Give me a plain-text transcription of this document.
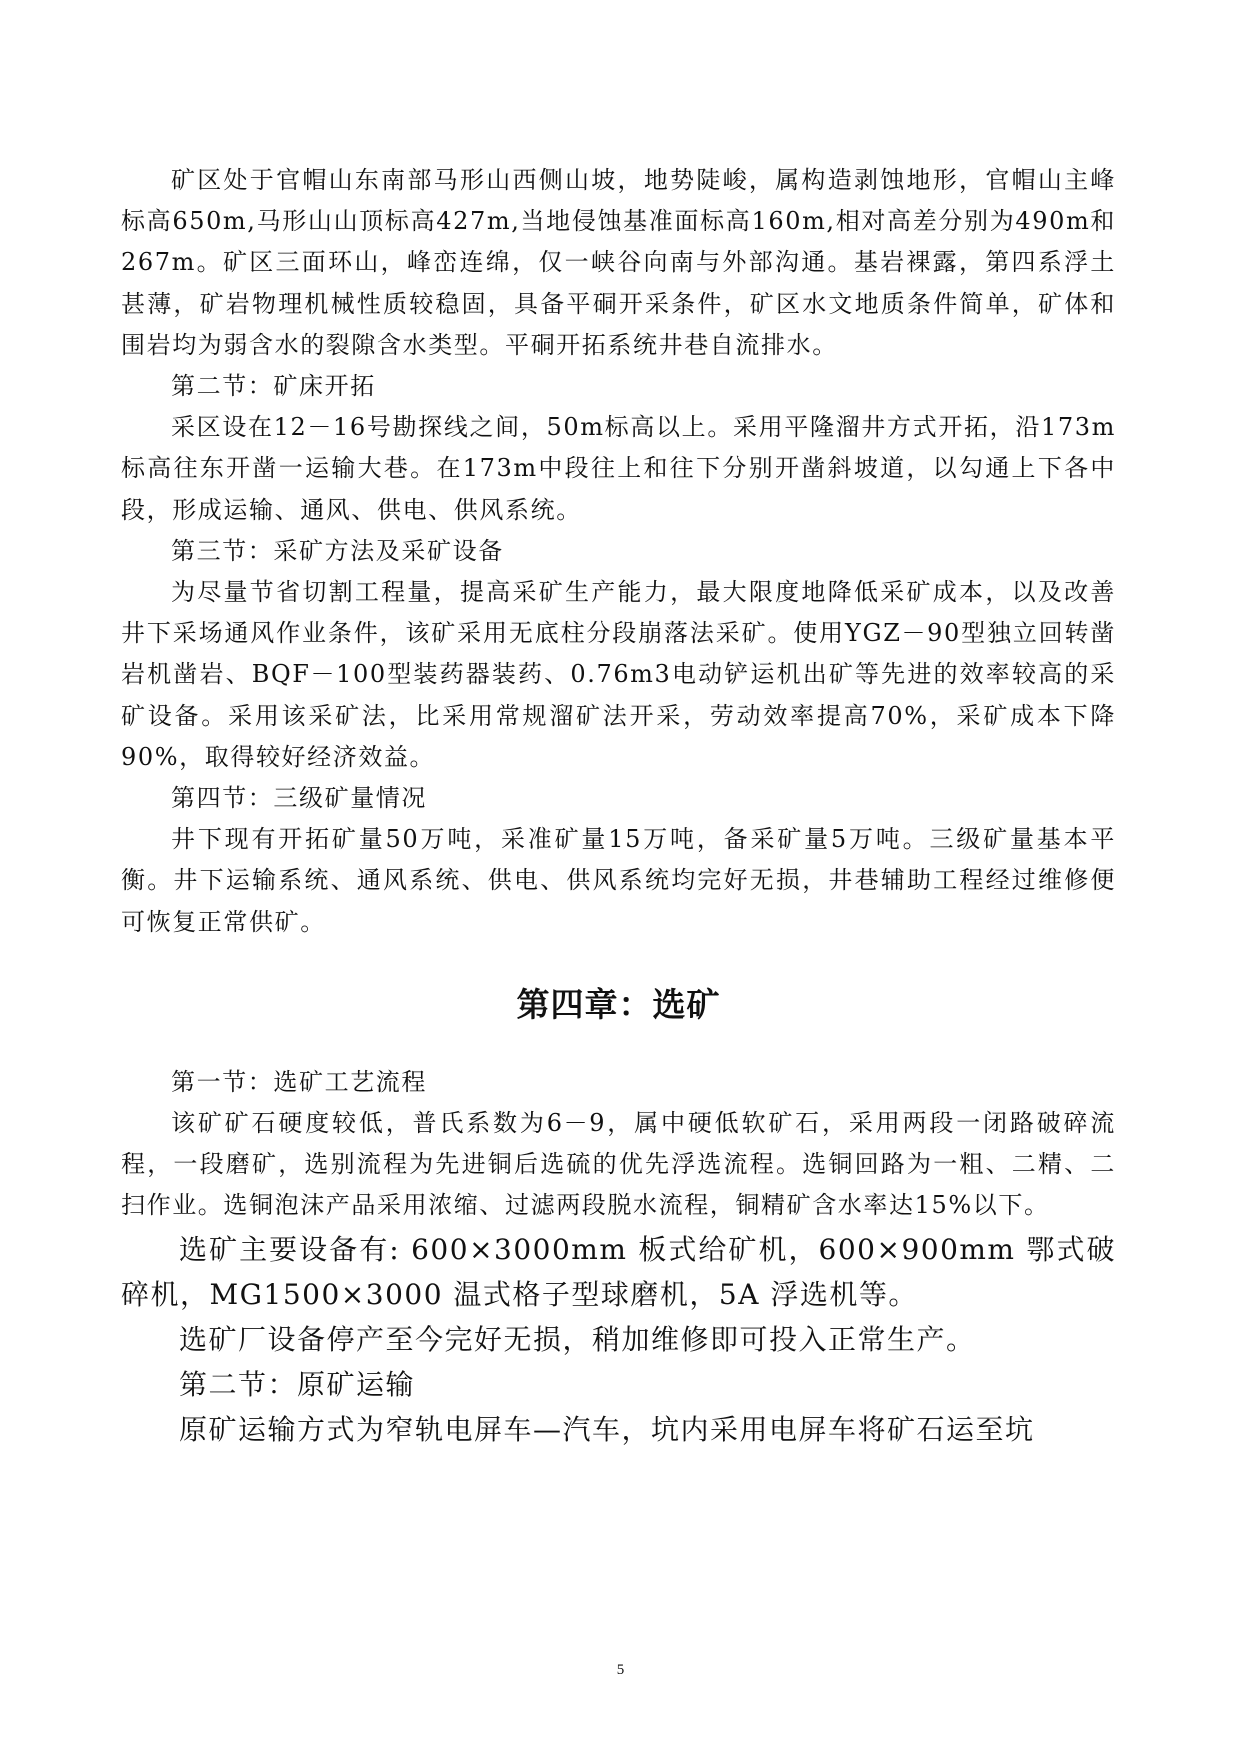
矿区处于官帽山东南部马形山西侧山坡，地势陡峻，属构造剥蚀地形，官帽山主峰标高650m,马形山山顶标高427m,当地侵蚀基准面标高160m,相对高差分别为490m和267m。矿区三面环山，峰峦连绵，仅一峡谷向南与外部沟通。基岩裸露，第四系浮土甚薄，矿岩物理机械性质较稳固，具备平硐开采条件，矿区水文地质条件简单，矿体和围岩均为弱含水的裂隙含水类型。平硐开拓系统井巷自流排水。

第二节：矿床开拓

采区设在12－16号勘探线之间，50m标高以上。采用平隆溜井方式开拓，沿173m标高往东开凿一运输大巷。在173m中段往上和往下分别开凿斜坡道，以勾通上下各中段，形成运输、通风、供电、供风系统。

第三节：采矿方法及采矿设备

为尽量节省切割工程量，提高采矿生产能力，最大限度地降低采矿成本，以及改善井下采场通风作业条件，该矿采用无底柱分段崩落法采矿。使用YGZ－90型独立回转凿岩机凿岩、BQF－100型装药器装药、0.76m3电动铲运机出矿等先进的效率较高的采矿设备。采用该采矿法，比采用常规溜矿法开采，劳动效率提高70%，采矿成本下降90%，取得较好经济效益。

第四节：三级矿量情况

井下现有开拓矿量50万吨，采准矿量15万吨，备采矿量5万吨。三级矿量基本平衡。井下运输系统、通风系统、供电、供风系统均完好无损，井巷辅助工程经过维修便可恢复正常供矿。

第四章：选矿

第一节：选矿工艺流程

该矿矿石硬度较低，普氏系数为6－9，属中硬低软矿石，采用两段一闭路破碎流程，一段磨矿，选别流程为先进铜后选硫的优先浮选流程。选铜回路为一粗、二精、二扫作业。选铜泡沫产品采用浓缩、过滤两段脱水流程，铜精矿含水率达15%以下。

选矿主要设备有: 600×3000mm 板式给矿机，600×900mm 鄂式破碎机，MG1500×3000 温式格子型球磨机，5A 浮选机等。

选矿厂设备停产至今完好无损，稍加维修即可投入正常生产。

第二节：原矿运输

原矿运输方式为窄轨电屏车—汽车，坑内采用电屏车将矿石运至坑

5
